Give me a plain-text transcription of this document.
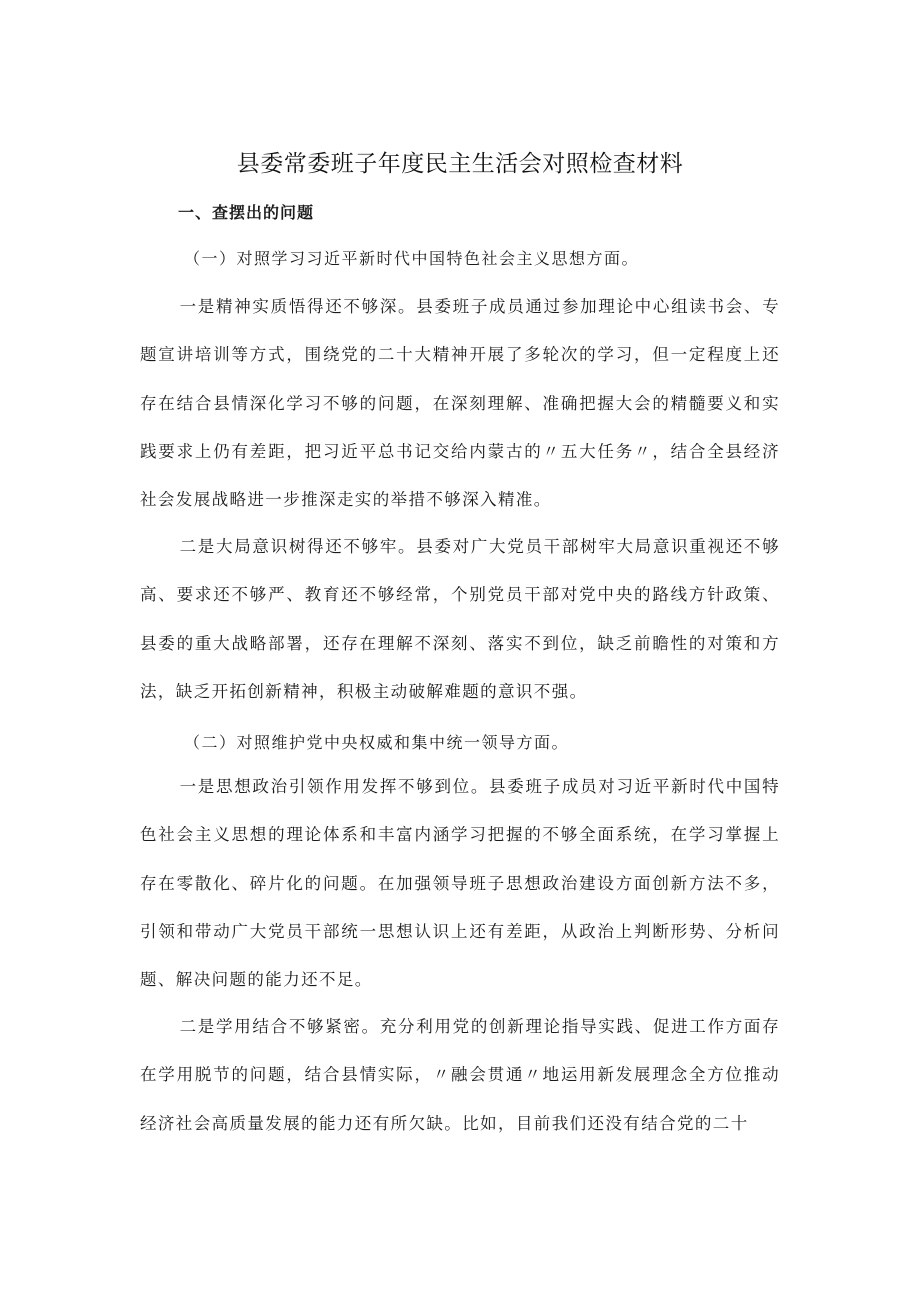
县委常委班子年度民主生活会对照检查材料
一、查摆出的问题
（一）对照学习习近平新时代中国特色社会主义思想方面。
一是精神实质悟得还不够深。县委班子成员通过参加理论中心组读书会、专题宣讲培训等方式，围绕党的二十大精神开展了多轮次的学习，但一定程度上还存在结合县情深化学习不够的问题，在深刻理解、准确把握大会的精髓要义和实践要求上仍有差距，把习近平总书记交给内蒙古的〃五大任务〃，结合全县经济社会发展战略进一步推深走实的举措不够深入精准。
二是大局意识树得还不够牢。县委对广大党员干部树牢大局意识重视还不够高、要求还不够严、教育还不够经常，个别党员干部对党中央的路线方针政策、县委的重大战略部署，还存在理解不深刻、落实不到位，缺乏前瞻性的对策和方法，缺乏开拓创新精神，积极主动破解难题的意识不强。
（二）对照维护党中央权威和集中统一领导方面。
一是思想政治引领作用发挥不够到位。县委班子成员对习近平新时代中国特色社会主义思想的理论体系和丰富内涵学习把握的不够全面系统，在学习掌握上存在零散化、碎片化的问题。在加强领导班子思想政治建设方面创新方法不多，引领和带动广大党员干部统一思想认识上还有差距，从政治上判断形势、分析问题、解决问题的能力还不足。
二是学用结合不够紧密。充分利用党的创新理论指导实践、促进工作方面存在学用脱节的问题，结合县情实际，〃融会贯通〃地运用新发展理念全方位推动经济社会高质量发展的能力还有所欠缺。比如，目前我们还没有结合党的二十
